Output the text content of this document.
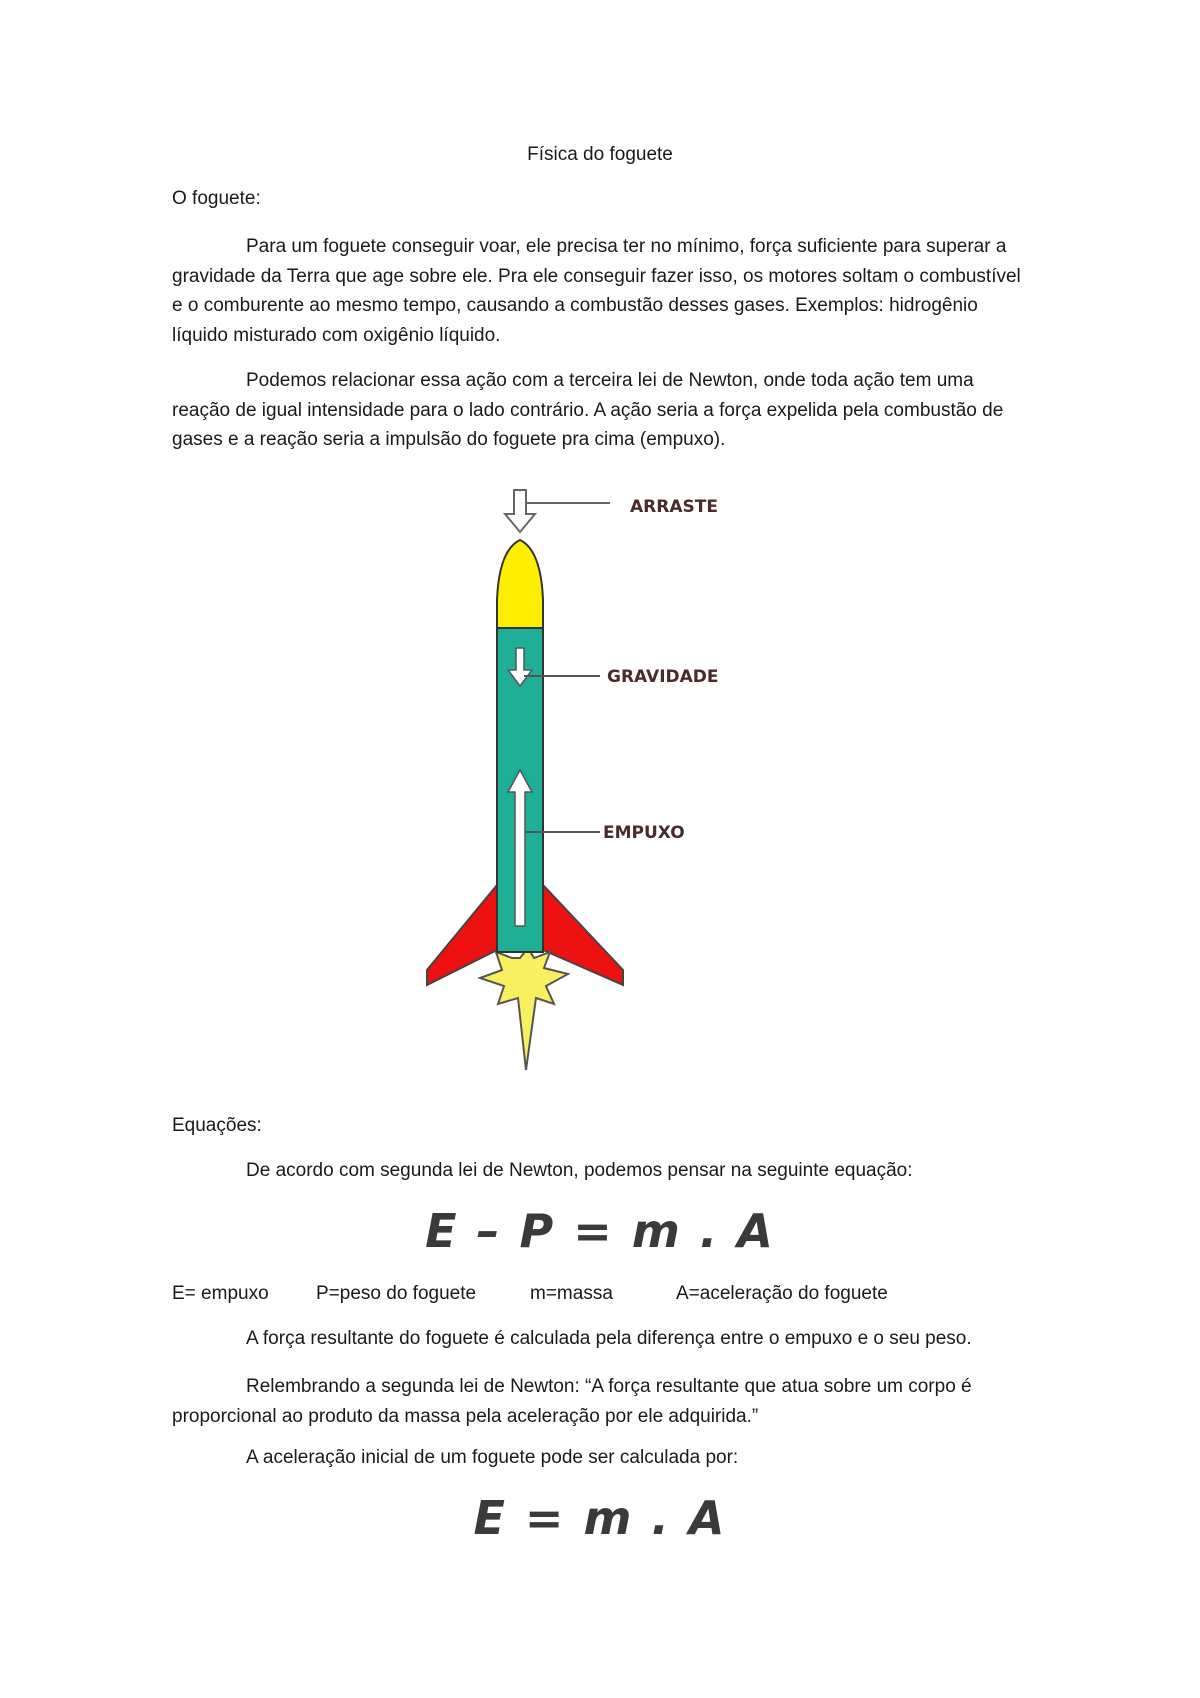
Física do foguete
O foguete:
Para um foguete conseguir voar, ele precisa ter no mínimo, força suficiente para superar a gravidade da Terra que age sobre ele. Pra ele conseguir fazer isso, os motores soltam o combustível e o comburente ao mesmo tempo, causando a combustão desses gases. Exemplos: hidrogênio líquido misturado com oxigênio líquido.
Podemos relacionar essa ação com a terceira lei de Newton, onde toda ação tem uma reação de igual intensidade para o lado contrário. A ação seria a força expelida pela combustão de gases e a reação seria a impulsão do foguete pra cima (empuxo).
ARRASTE
GRAVIDADE
EMPUXO
Equações:
De acordo com segunda lei de Newton, podemos pensar na seguinte equação:
E – P = m . A
E= empuxo P=peso do foguete	m=massa	A=aceleração do foguete
A força resultante do foguete é calculada pela diferença entre o empuxo e o seu peso.
Relembrando a segunda lei de Newton: “A força resultante que atua sobre um corpo é proporcional ao produto da massa pela aceleração por ele adquirida.”
A aceleração inicial de um foguete pode ser calculada por:
E = m . A
